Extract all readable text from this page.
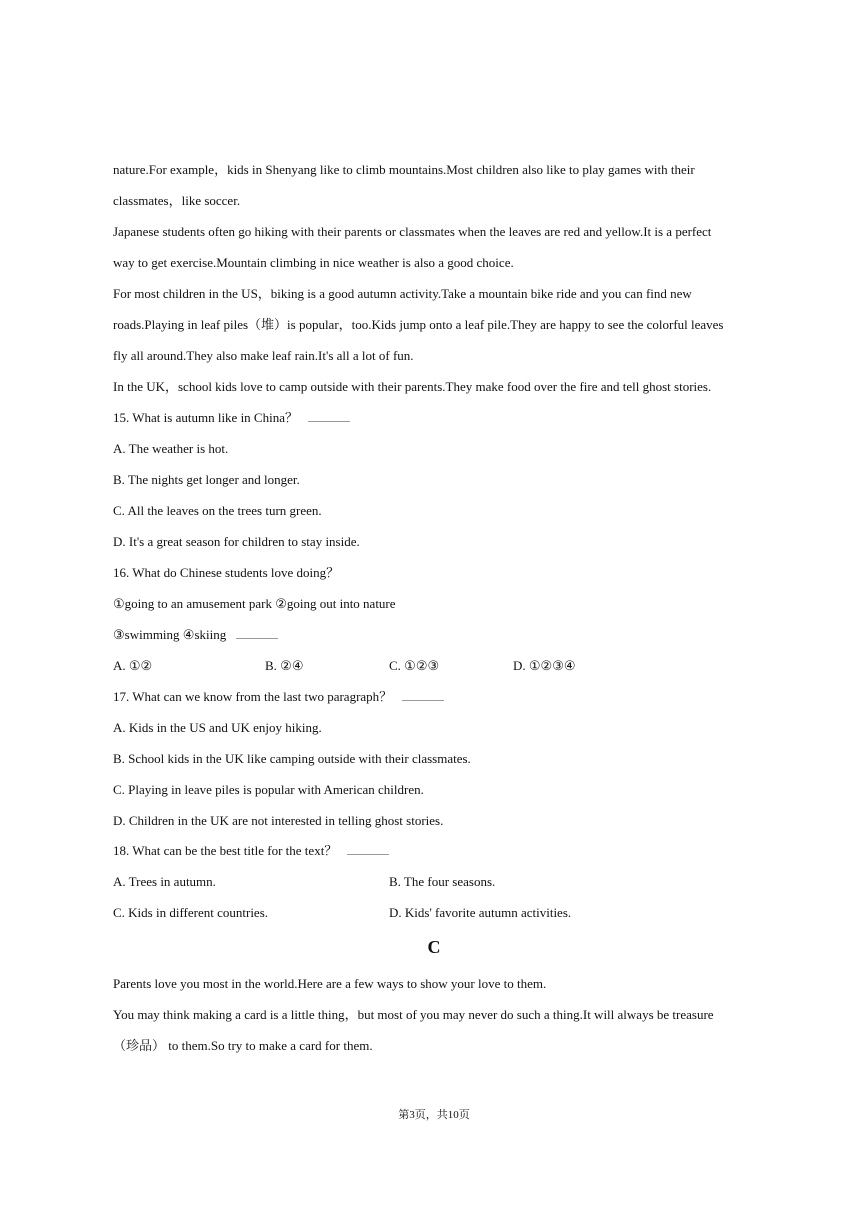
nature.For example，kids in Shenyang like to climb mountains.Most children also like to play games with their
classmates，like soccer.
Japanese students often go hiking with their parents or classmates when the leaves are red and yellow.It is a perfect
way to get exercise.Mountain climbing in nice weather is also a good choice.
For most children in the US，biking is a good autumn activity.Take a mountain bike ride and you can find new
roads.Playing in leaf piles（堆）is popular，too.Kids jump onto a leaf pile.They are happy to see the colorful leaves
fly all around.They also make leaf rain.It's all a lot of fun.
In the UK，school kids love to camp outside with their parents.They make food over the fire and tell ghost stories.
15. What is autumn like in China？
A. The weather is hot.
B. The nights get longer and longer.
C. All the leaves on the trees turn green.
D. It's a great season for children to stay inside.
16. What do Chinese students love doing？
①going to an amusement park ②going out into nature
③swimming ④skiing
A. ①②	B. ②④	C. ①②③	D. ①②③④
17. What can we know from the last two paragraph？
A. Kids in the US and UK enjoy hiking.
B. School kids in the UK like camping outside with their classmates.
C. Playing in leave piles is popular with American children.
D. Children in the UK are not interested in telling ghost stories.
18. What can be the best title for the text？
A. Trees in autumn.	B. The four seasons.
C. Kids in different countries.	D. Kids' favorite autumn activities.
C
Parents love you most in the world.Here are a few ways to show your love to them.
You may think making a card is a little thing，but most of you may never do such a thing.It will always be treasure
（珍品） to them.So try to make a card for them.
第3页，共10页
